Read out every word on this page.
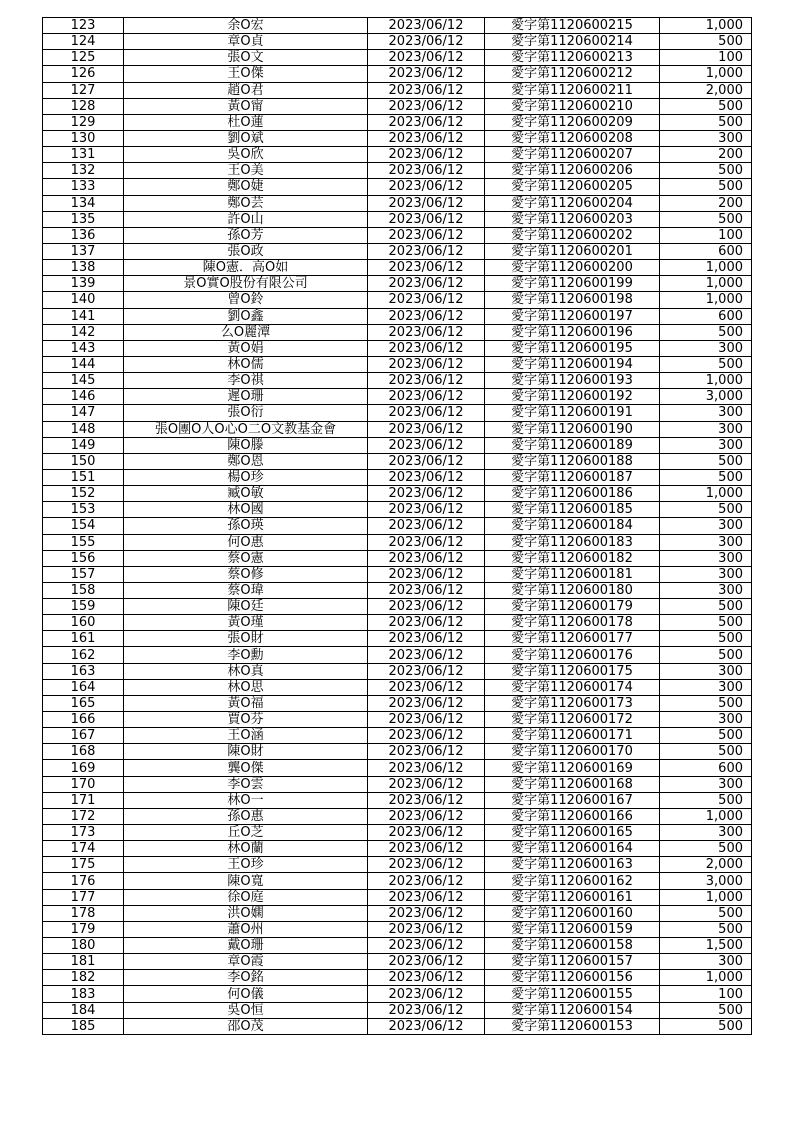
123	余O宏	2023/06/12	愛字第1120600215	1,000
124	章O貞	2023/06/12	愛字第1120600214	500
125	張O文	2023/06/12	愛字第1120600213	100
126	王O傑	2023/06/12	愛字第1120600212	1,000
127	趙O君	2023/06/12	愛字第1120600211	2,000
128	黃O甯	2023/06/12	愛字第1120600210	500
129	杜O蓮	2023/06/12	愛字第1120600209	500
130	劉O斌	2023/06/12	愛字第1120600208	300
131	吳O欣	2023/06/12	愛字第1120600207	200
132	王O美	2023/06/12	愛字第1120600206	500
133	鄭O婕	2023/06/12	愛字第1120600205	500
134	鄭O芸	2023/06/12	愛字第1120600204	200
135	許O山	2023/06/12	愛字第1120600203	500
136	孫O芳	2023/06/12	愛字第1120600202	100
137	張O政	2023/06/12	愛字第1120600201	600
138	陳O憲．高O如	2023/06/12	愛字第1120600200	1,000
139	景O實O股份有限公司	2023/06/12	愛字第1120600199	1,000
140	曾O鈴	2023/06/12	愛字第1120600198	1,000
141	劉O鑫	2023/06/12	愛字第1120600197	600
142	么O麗潭	2023/06/12	愛字第1120600196	500
143	黃O娟	2023/06/12	愛字第1120600195	300
144	林O儒	2023/06/12	愛字第1120600194	500
145	李O祺	2023/06/12	愛字第1120600193	1,000
146	遲O珊	2023/06/12	愛字第1120600192	3,000
147	張O衍	2023/06/12	愛字第1120600191	300
148	張O團O人O心O二O文教基金會	2023/06/12	愛字第1120600190	300
149	陳O滕	2023/06/12	愛字第1120600189	300
150	鄭O恩	2023/06/12	愛字第1120600188	500
151	楊O珍	2023/06/12	愛字第1120600187	500
152	臧O敏	2023/06/12	愛字第1120600186	1,000
153	林O國	2023/06/12	愛字第1120600185	500
154	孫O瑛	2023/06/12	愛字第1120600184	300
155	何O惠	2023/06/12	愛字第1120600183	300
156	蔡O憲	2023/06/12	愛字第1120600182	300
157	蔡O修	2023/06/12	愛字第1120600181	300
158	蔡O瑋	2023/06/12	愛字第1120600180	300
159	陳O廷	2023/06/12	愛字第1120600179	500
160	黃O瑾	2023/06/12	愛字第1120600178	500
161	張O財	2023/06/12	愛字第1120600177	500
162	李O勳	2023/06/12	愛字第1120600176	500
163	林O真	2023/06/12	愛字第1120600175	300
164	林O思	2023/06/12	愛字第1120600174	300
165	黃O福	2023/06/12	愛字第1120600173	500
166	賈O芬	2023/06/12	愛字第1120600172	300
167	王O涵	2023/06/12	愛字第1120600171	500
168	陳O財	2023/06/12	愛字第1120600170	500
169	龔O傑	2023/06/12	愛字第1120600169	600
170	李O雲	2023/06/12	愛字第1120600168	300
171	林O一	2023/06/12	愛字第1120600167	500
172	孫O惠	2023/06/12	愛字第1120600166	1,000
173	丘O芝	2023/06/12	愛字第1120600165	300
174	林O蘭	2023/06/12	愛字第1120600164	500
175	王O珍	2023/06/12	愛字第1120600163	2,000
176	陳O寬	2023/06/12	愛字第1120600162	3,000
177	徐O庭	2023/06/12	愛字第1120600161	1,000
178	洪O嫻	2023/06/12	愛字第1120600160	500
179	蕭O州	2023/06/12	愛字第1120600159	500
180	戴O珊	2023/06/12	愛字第1120600158	1,500
181	章O霞	2023/06/12	愛字第1120600157	300
182	李O銘	2023/06/12	愛字第1120600156	1,000
183	何O儀	2023/06/12	愛字第1120600155	100
184	吳O恒	2023/06/12	愛字第1120600154	500
185	邵O茂	2023/06/12	愛字第1120600153	500
